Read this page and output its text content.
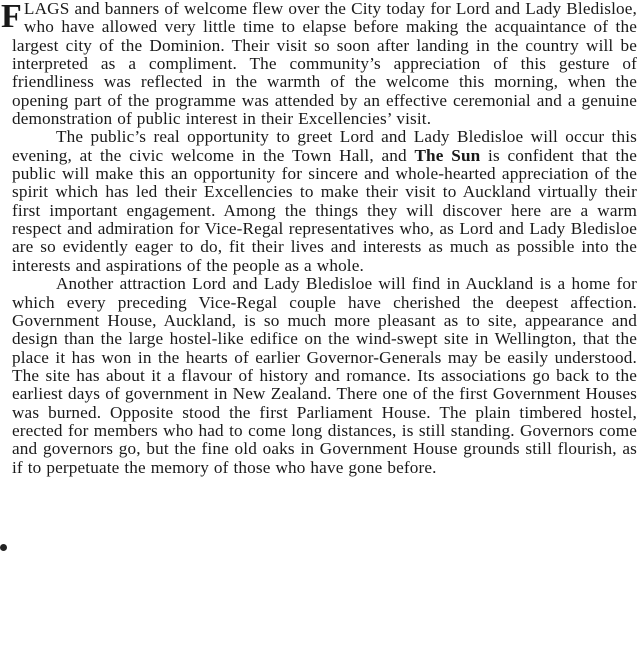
FLAGS and banners of welcome flew over the City today for Lord and Lady Bledisloe, who have allowed very little time to elapse before making the acquaintance of the largest city of the Dominion. Their visit so soon after landing in the country will be interpreted as a compliment. The community’s appreciation of this gesture of friendliness was reflected in the warmth of the welcome this morning, when the opening part of the programme was attended by an effective ceremonial and a genuine demonstration of public interest in their Excellencies’ visit.

The public’s real opportunity to greet Lord and Lady Bledisloe will occur this evening, at the civic welcome in the Town Hall, and The Sun is confident that the public will make this an opportunity for sincere and whole-hearted appreciation of the spirit which has led their Excellencies to make their visit to Auckland virtually their first important engagement. Among the things they will discover here are a warm respect and admiration for Vice-Regal representatives who, as Lord and Lady Bledisloe are so evidently eager to do, fit their lives and interests as much as possible into the interests and aspirations of the people as a whole.

Another attraction Lord and Lady Bledisloe will find in Auckland is a home for which every preceding Vice-Regal couple have cherished the deepest affection. Government House, Auckland, is so much more pleasant as to site, appearance and design than the large hostel-like edifice on the wind-swept site in Wellington, that the place it has won in the hearts of earlier Governor-Generals may be easily understood. The site has about it a flavour of history and romance. Its associations go back to the earliest days of government in New Zealand. There one of the first Government Houses was burned. Opposite stood the first Parliament House. The plain timbered hostel, erected for members who had to come long distances, is still standing. Governors come and governors go, but the fine old oaks in Government House grounds still flourish, as if to perpetuate the memory of those who have gone before.
